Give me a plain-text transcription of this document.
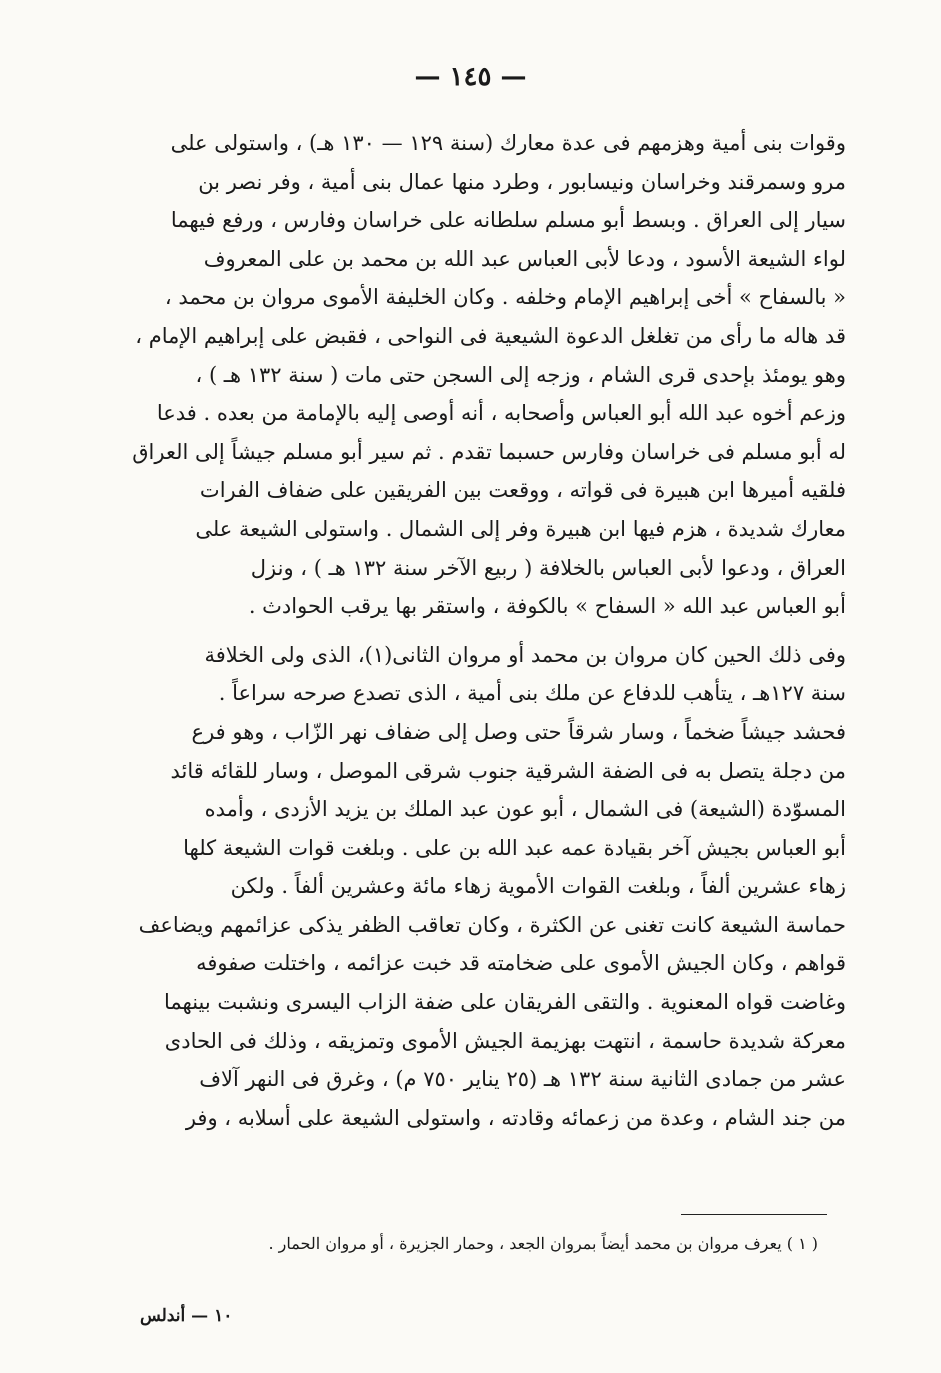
— ١٤٥ —
وقوات بنى أمية وهزمهم فى عدة معارك (سنة ١٢٩ — ١٣٠ هـ) ، واستولى على
مرو وسمرقند وخراسان ونيسابور ، وطرد منها عمال بنى أمية ، وفر نصر بن
سيار إلى العراق . وبسط أبو مسلم سلطانه على خراسان وفارس ، ورفع فيهما
لواء الشيعة الأسود ، ودعا لأبى العباس عبد الله بن محمد بن على المعروف
« بالسفاح » أخى إبراهيم الإمام وخلفه . وكان الخليفة الأموى مروان بن محمد ،
قد هاله ما رأى من تغلغل الدعوة الشيعية فى النواحى ، فقبض على إبراهيم الإمام ،
وهو يومئذ بإحدى قرى الشام ، وزجه إلى السجن حتى مات ( سنة ١٣٢ هـ ) ،
وزعم أخوه عبد الله أبو العباس وأصحابه ، أنه أوصى إليه بالإمامة من بعده . فدعا
له أبو مسلم فى خراسان وفارس حسبما تقدم . ثم سير أبو مسلم جيشاً إلى العراق
فلقيه أميرها ابن هبيرة فى قواته ، ووقعت بين الفريقين على ضفاف الفرات
معارك شديدة ، هزم فيها ابن هبيرة وفر إلى الشمال . واستولى الشيعة على
العراق ، ودعوا لأبى العباس بالخلافة ( ربيع الآخر سنة ١٣٢ هـ ) ، ونزل
أبو العباس عبد الله « السفاح » بالكوفة ، واستقر بها يرقب الحوادث .
وفى ذلك الحين كان مروان بن محمد أو مروان الثانى(١)، الذى ولى الخلافة
سنة ١٢٧هـ ، يتأهب للدفاع عن ملك بنى أمية ، الذى تصدع صرحه سراعاً .
فحشد جيشاً ضخماً ، وسار شرقاً حتى وصل إلى ضفاف نهر الزّاب ، وهو فرع
من دجلة يتصل به فى الضفة الشرقية جنوب شرقى الموصل ، وسار للقائه قائد
المسوّدة (الشيعة) فى الشمال ، أبو عون عبد الملك بن يزيد الأزدى ، وأمده
أبو العباس بجيش آخر بقيادة عمه عبد الله بن على . وبلغت قوات الشيعة كلها
زهاء عشرين ألفاً ، وبلغت القوات الأموية زهاء مائة وعشرين ألفاً . ولكن
حماسة الشيعة كانت تغنى عن الكثرة ، وكان تعاقب الظفر يذكى عزائمهم ويضاعف
قواهم ، وكان الجيش الأموى على ضخامته قد خبت عزائمه ، واختلت صفوفه
وغاضت قواه المعنوية . والتقى الفريقان على ضفة الزاب اليسرى ونشبت بينهما
معركة شديدة حاسمة ، انتهت بهزيمة الجيش الأموى وتمزيقه ، وذلك فى الحادى
عشر من جمادى الثانية سنة ١٣٢ هـ (٢٥ يناير ٧٥٠ م) ، وغرق فى النهر آلاف
من جند الشام ، وعدة من زعمائه وقادته ، واستولى الشيعة على أسلابه ، وفر
( ١ ) يعرف مروان بن محمد أيضاً بمروان الجعد ، وحمار الجزيرة ، أو مروان الحمار .
١٠ — أندلس
